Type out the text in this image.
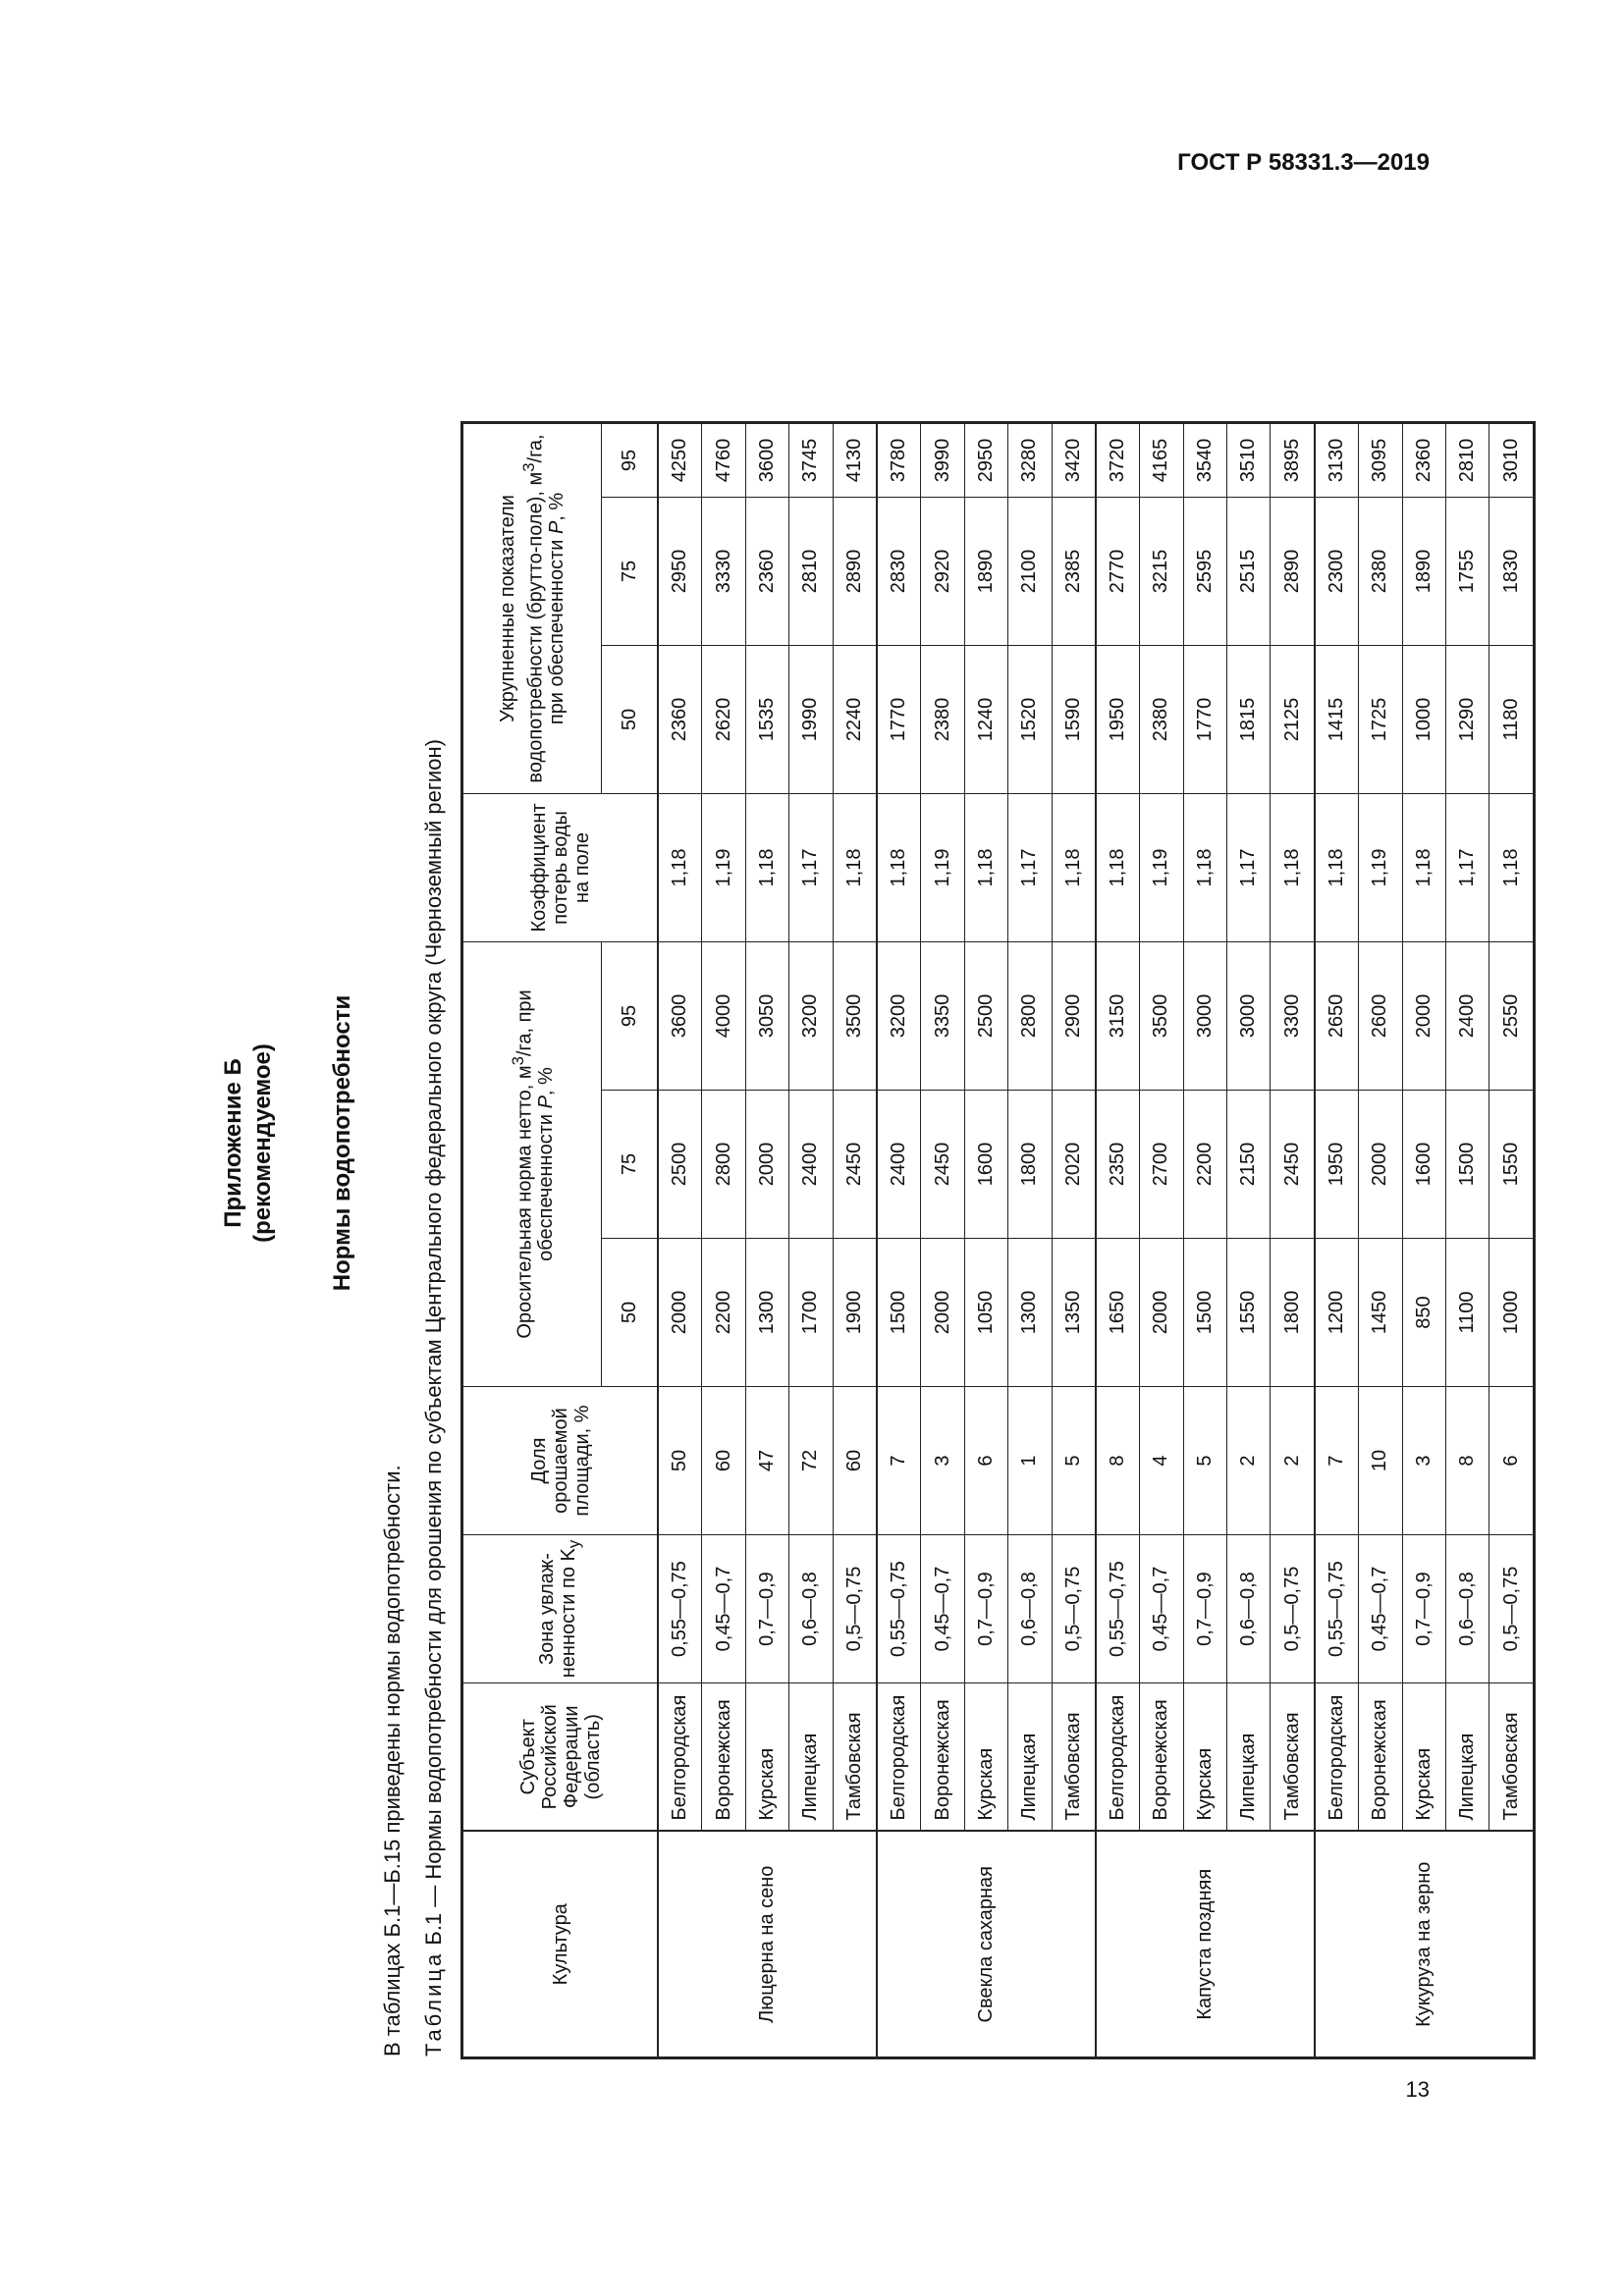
ГОСТ Р 58331.3—2019
Приложение Б (рекомендуемое) Нормы водопотребности
В таблицах Б.1—Б.15 приведены нормы водопотребности. Таблица Б.1 — Нормы водопотребности для орошения по субъектам Центрального федерального округа (Черноземный регион)	Культура	Субъект Российской Федерации (область)	Зона увлажненности по $K_у$	Доля орошаемой площади, %	Оросительная норма нетто, $м^3/га$, при обеспеченности P, %			Коэффициент потерь воды на поле	Укрупненные показатели водопотребности (брутто-поле), $м^3/га$, при обеспеченности P, %		
				50	75	95		50	75	95
Люцерна на сено	Белгородская	0,55—0,75	50	2000	2500	3600	1,18	2360	2950	4250
	Воронежская	0,45—0,7	60	2200	2800	4000	1,19	2620	3330	4760
	Курская	0,7—0,9	47	1300	2000	3050	1,18	1535	2360	3600
	Липецкая	0,6—0,8	72	1700	2400	3200	1,17	1990	2810	3745
	Тамбовская	0,5—0,75	60	1900	2450	3500	1,18	2240	2890	4130
Свекла сахарная	Белгородская	0,55—0,75	7	1500	2400	3200	1,18	1770	2830	3780
	Воронежская	0,45—0,7	3	2000	2450	3350	1,19	2380	2920	3990
	Курская	0,7—0,9	6	1050	1600	2500	1,18	1240	1890	2950
	Липецкая	0,6—0,8	1	1300	1800	2800	1,17	1520	2100	3280
	Тамбовская	0,5—0,75	5	1350	2020	2900	1,18	1590	2385	3420
Капуста поздняя	Белгородская	0,55—0,75	8	1650	2350	3150	1,18	1950	2770	3720
	Воронежская	0,45—0,7	4	2000	2700	3500	1,19	2380	3215	4165
	Курская	0,7—0,9	5	1500	2200	3000	1,18	1770	2595	3540
	Липецкая	0,6—0,8	2	1550	2150	3000	1,17	1815	2515	3510
	Тамбовская	0,5—0,75	2	1800	2450	3300	1,18	2125	2890	3895
Кукуруза на зерно	Белгородская	0,55—0,75	7	1200	1950	2650	1,18	1415	2300	3130
	Воронежская	0,45—0,7	10	1450	2000	2600	1,19	1725	2380	3095
	Курская	0,7—0,9	3	850	1600	2000	1,18	1000	1890	2360
	Липецкая	0,6—0,8	8	1100	1500	2400	1,17	1290	1755	2810
	Тамбовская	0,5—0,75	6	1000	1550	2550	1,18	1180	1830	3010
13
